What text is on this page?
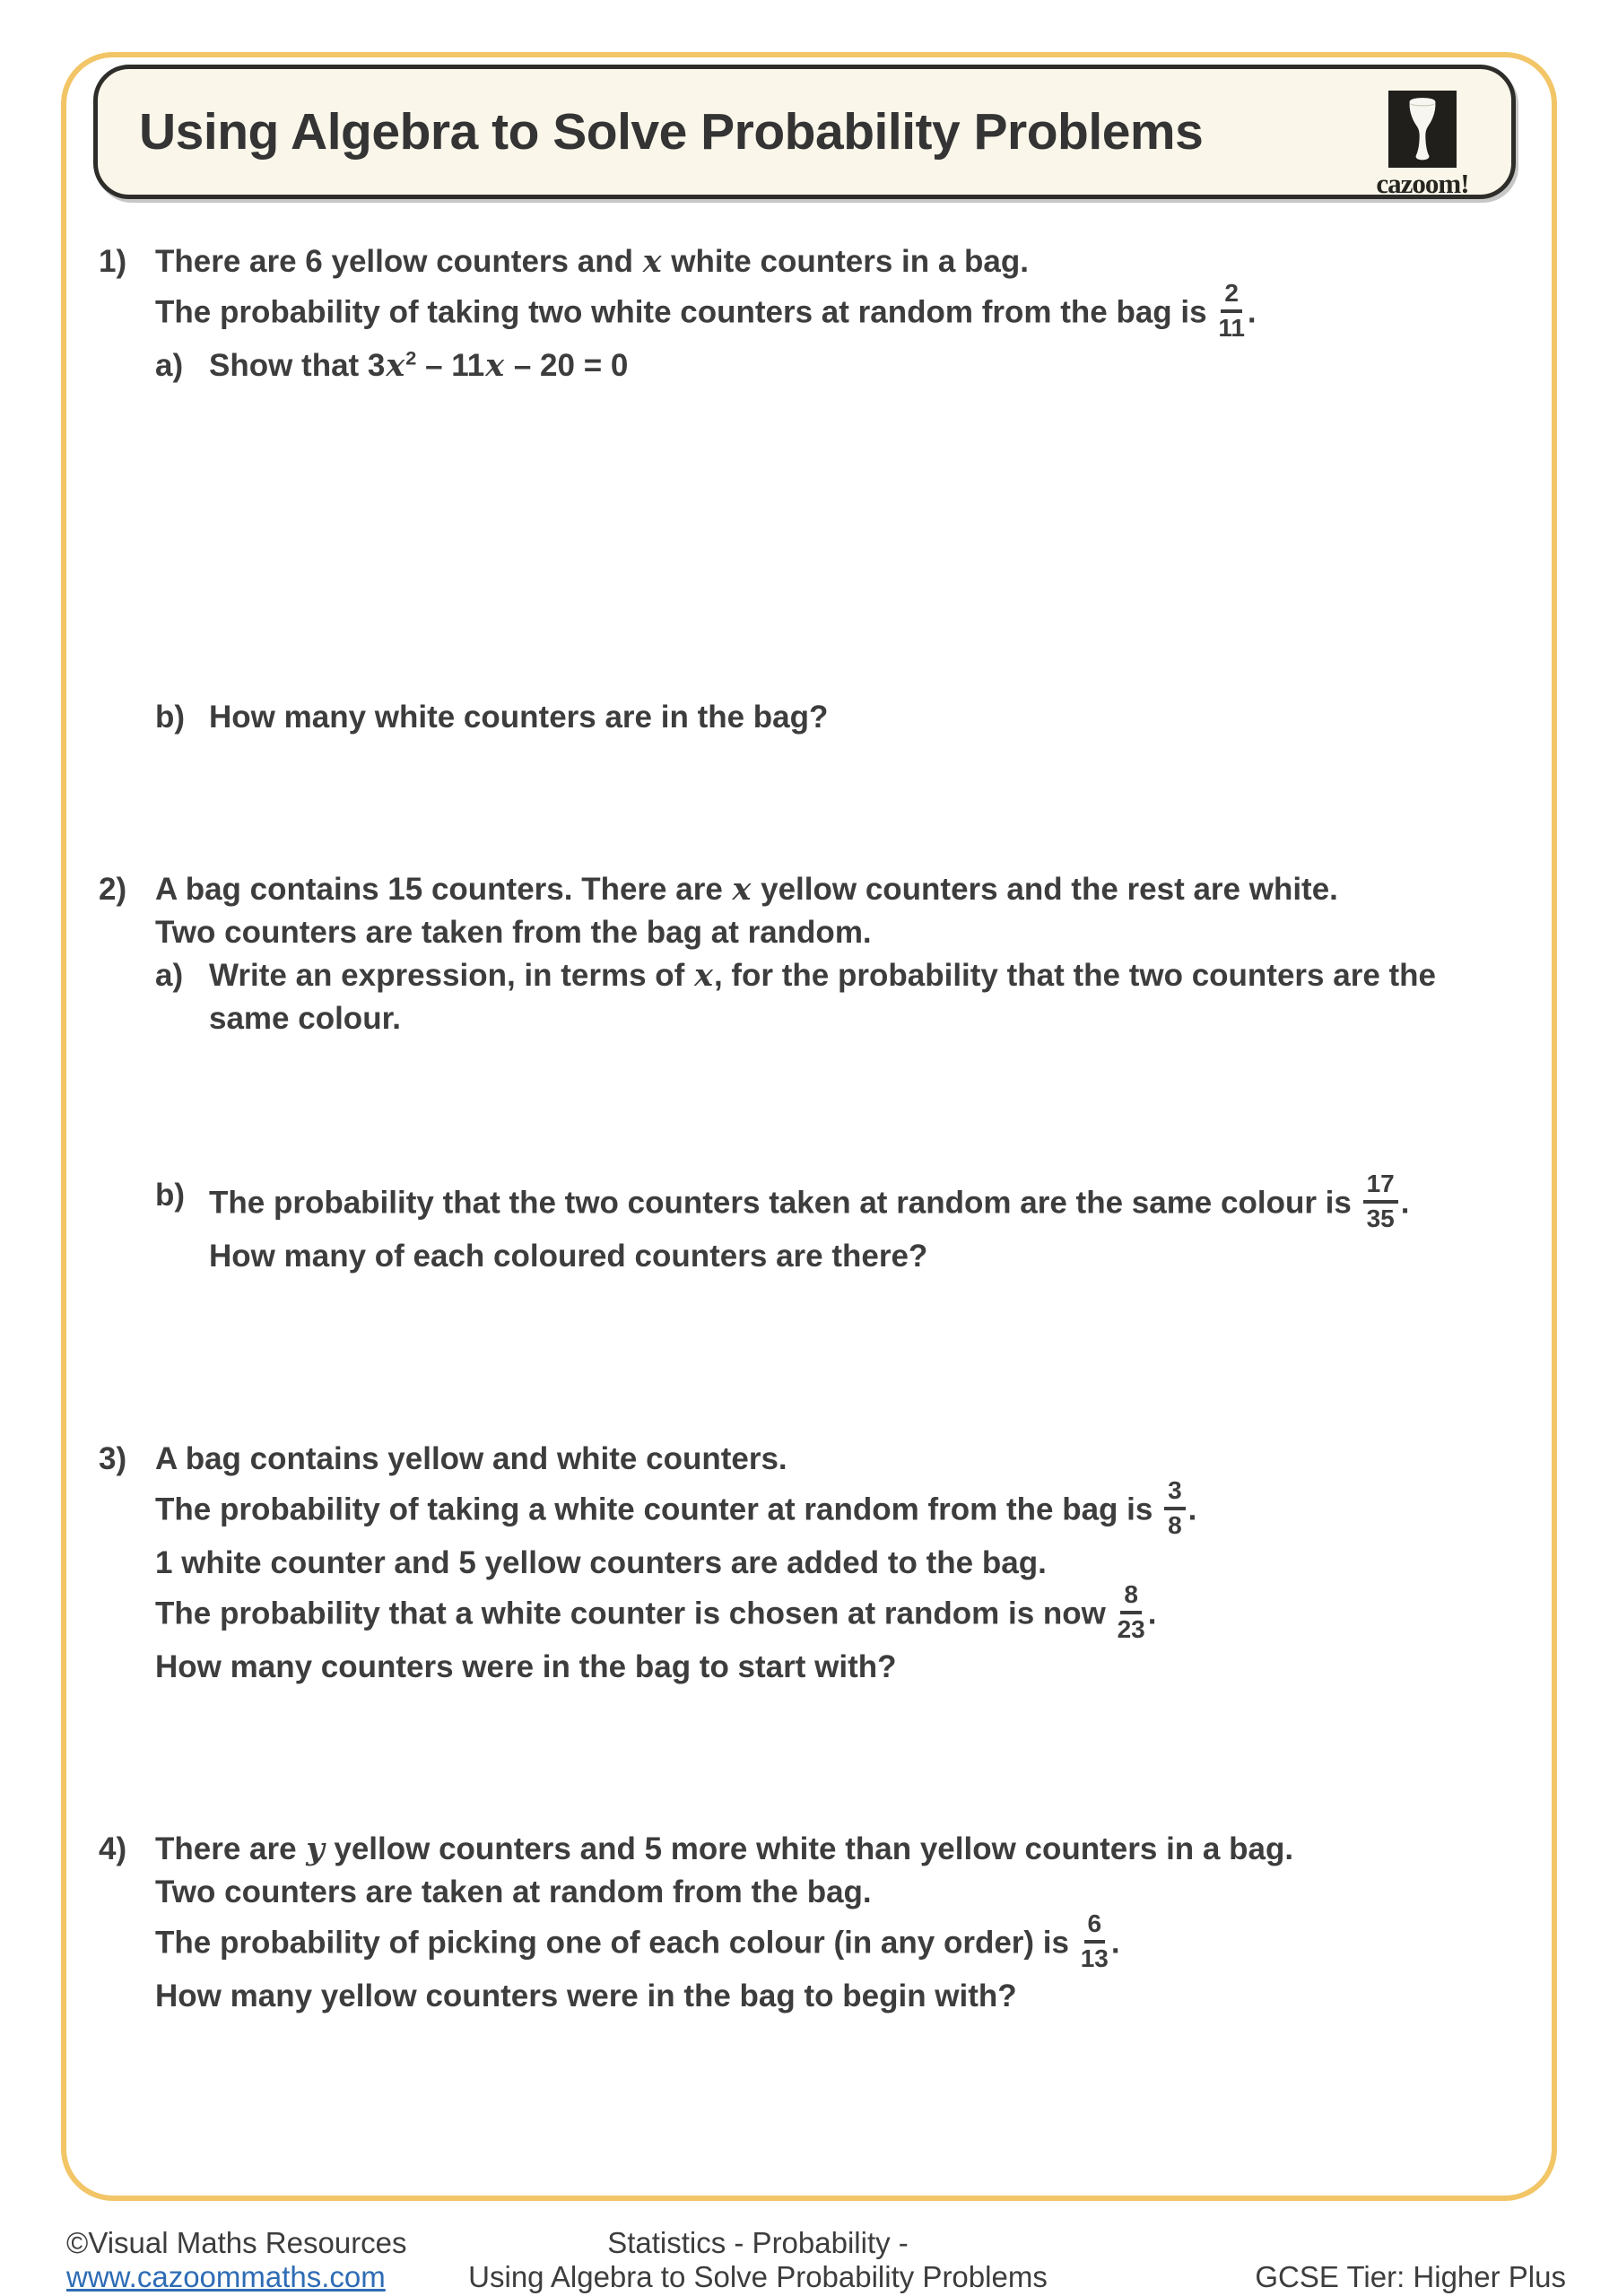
Using Algebra to Solve Probability Problems
cazoom!
1) There are 6 yellow counters and x white counters in a bag.
The probability of taking two white counters at random from the bag is $\frac{2}{11}$ .
a) Show that $3x^2 - 11x - 20 = 0$
b) How many white counters are in the bag?
2) A bag contains 15 counters. There are x yellow counters and the rest are white.
Two counters are taken from the bag at random.
a) Write an expression, in terms of x, for the probability that the two counters are the
same colour.
b) The probability that the two counters taken at random are the same colour is $\frac{17}{35}$ .
How many of each coloured counters are there?
3) A bag contains yellow and white counters.
The probability of taking a white counter at random from the bag is $\frac{3}{8}$ .
1 white counter and 5 yellow counters are added to the bag.
The probability that a white counter is chosen at random is now $\frac{8}{23}$ .
How many counters were in the bag to start with?
4) There are y yellow counters and 5 more white than yellow counters in a bag.
Two counters are taken at random from the bag.
The probability of picking one of each colour (in any order) is $\frac{6}{13}$ .
How many yellow counters were in the bag to begin with?
©Visual Maths Resources
www.cazoommaths.com
Statistics - Probability -
Using Algebra to Solve Probability Problems	GCSE Tier: Higher Plus
